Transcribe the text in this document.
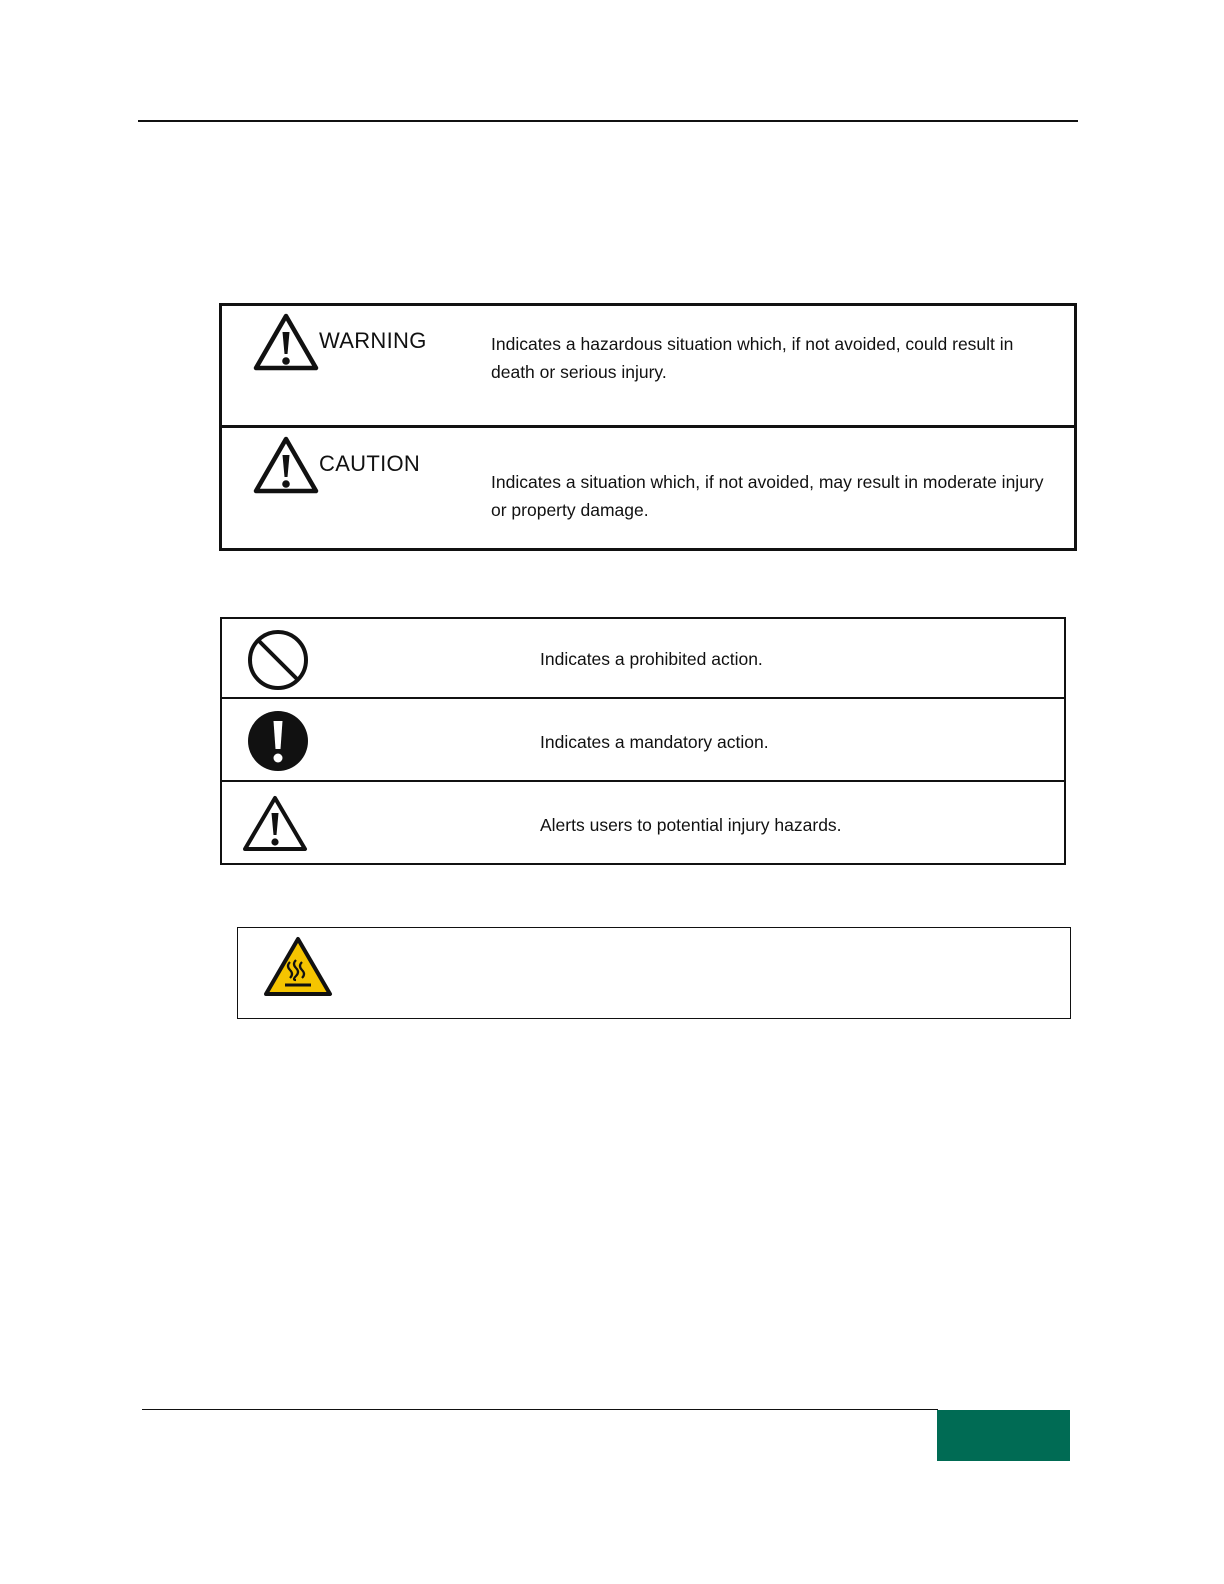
WARNING	Indicates a hazardous situation which, if not avoided, could result in death or serious injury.
CAUTION
Indicates a situation which, if not avoided, may result in moderate injury or property damage.
Indicates a prohibited action.
Indicates a mandatory action.
Alerts users to potential injury hazards.
